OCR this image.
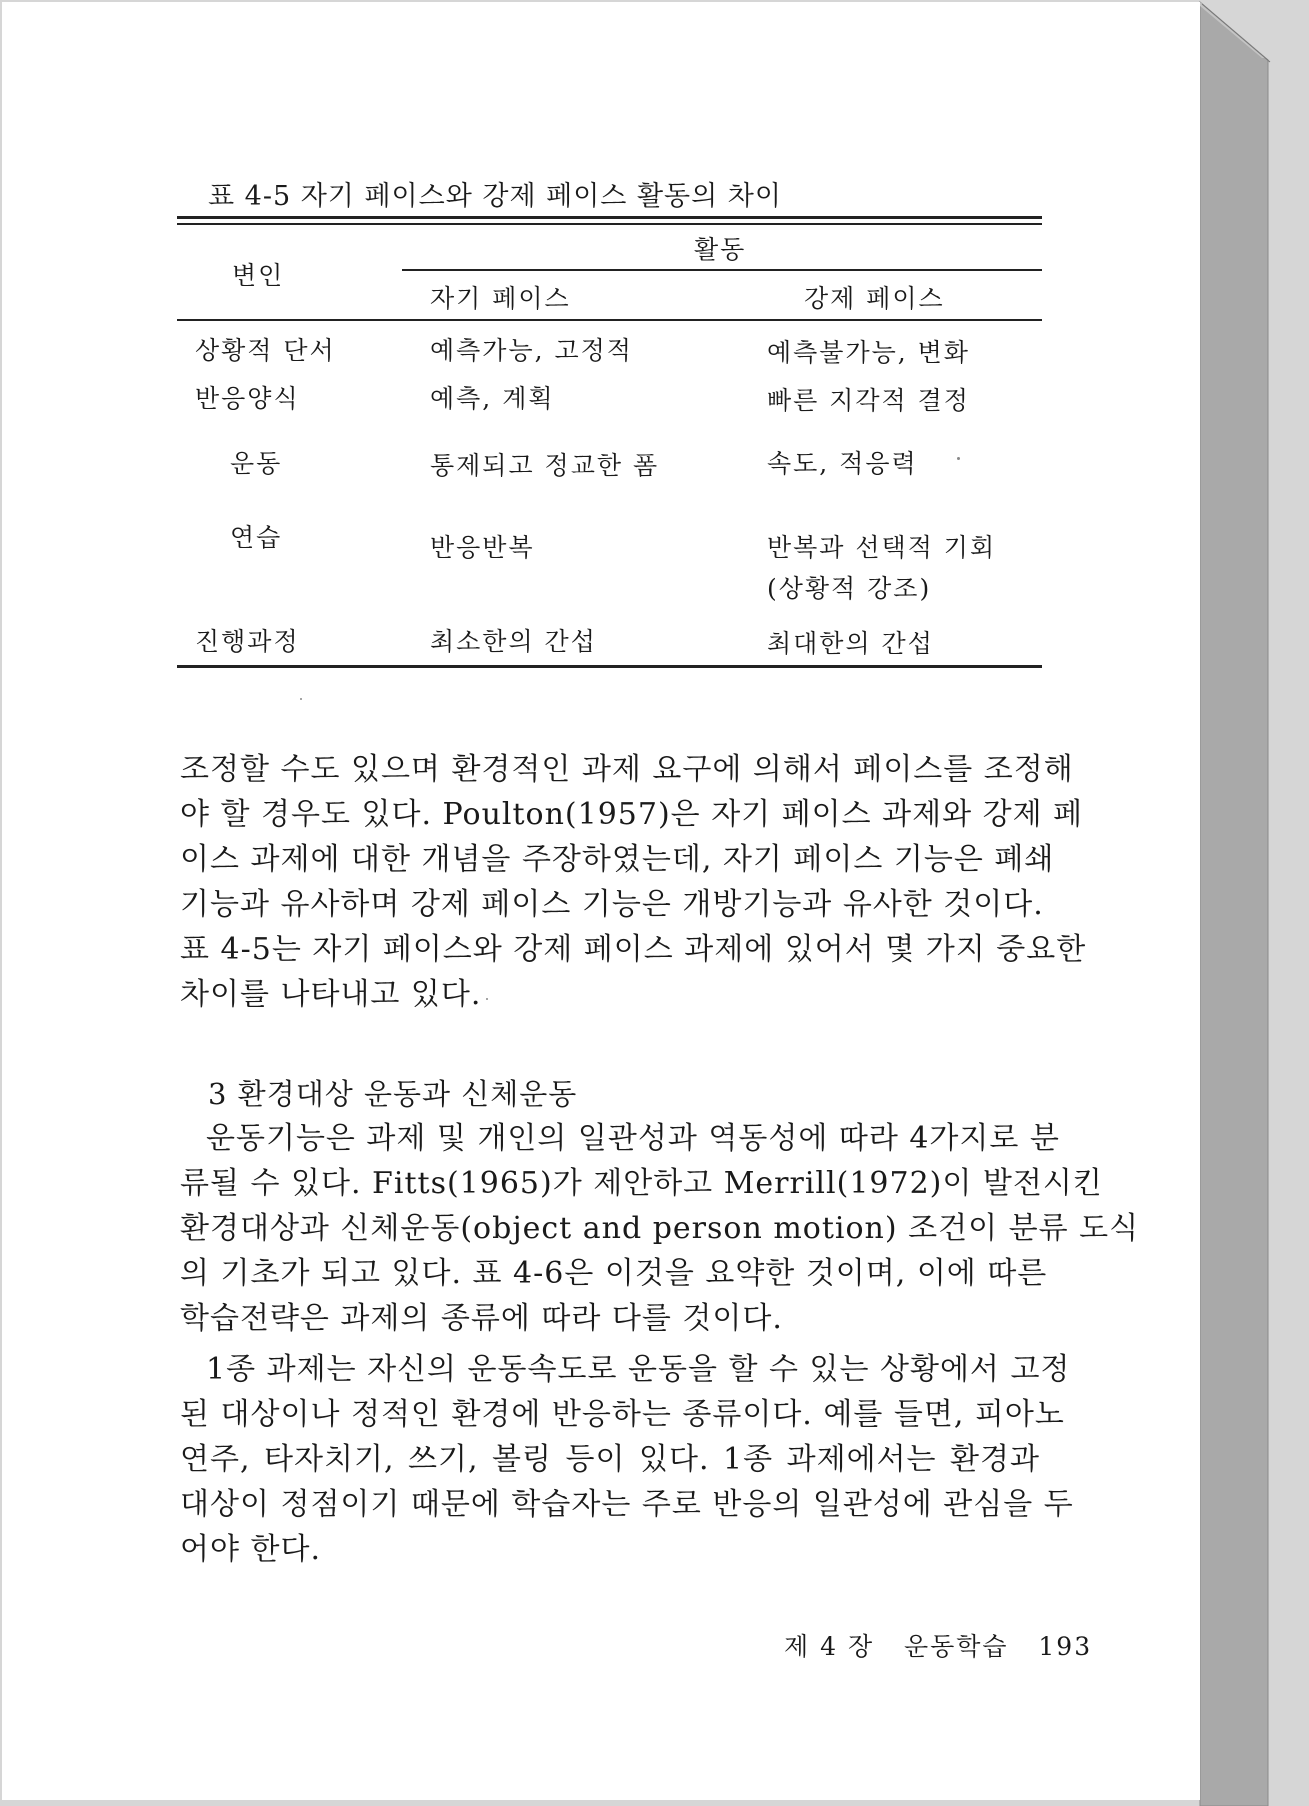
표 4-5 자기 페이스와 강제 페이스 활동의 차이
변인
활동
자기 페이스	강제 페이스
상황적 단서	예측가능, 고정적	예측불가능, 변화
반응양식	예측, 계획	빠른 지각적 결정
운동	통제되고 정교한 폼	속도, 적응력
연습	반응반복	반복과 선택적 기회
(상황적 강조)
진행과정	최소한의 간섭	최대한의 간섭
조정할 수도 있으며 환경적인 과제 요구에 의해서 페이스를 조정해
야 할 경우도 있다. Poulton(1957)은 자기 페이스 과제와 강제 페
이스 과제에 대한 개념을 주장하였는데, 자기 페이스 기능은 폐쇄
기능과 유사하며 강제 페이스 기능은 개방기능과 유사한 것이다.
표 4-5는 자기 페이스와 강제 페이스 과제에 있어서 몇 가지 중요한
차이를 나타내고 있다.
3 환경대상 운동과 신체운동
운동기능은 과제 및 개인의 일관성과 역동성에 따라 4가지로 분
류될 수 있다. Fitts(1965)가 제안하고 Merrill(1972)이 발전시킨
환경대상과 신체운동(object and person motion) 조건이 분류 도식
의 기초가 되고 있다. 표 4-6은 이것을 요약한 것이며, 이에 따른
학습전략은 과제의 종류에 따라 다를 것이다.
1종 과제는 자신의 운동속도로 운동을 할 수 있는 상황에서 고정
된 대상이나 정적인 환경에 반응하는 종류이다. 예를 들면, 피아노
연주, 타자치기, 쓰기, 볼링 등이 있다. 1종 과제에서는 환경과
대상이 정점이기 때문에 학습자는 주로 반응의 일관성에 관심을 두
어야 한다.
제 4 장 운동학습 193
